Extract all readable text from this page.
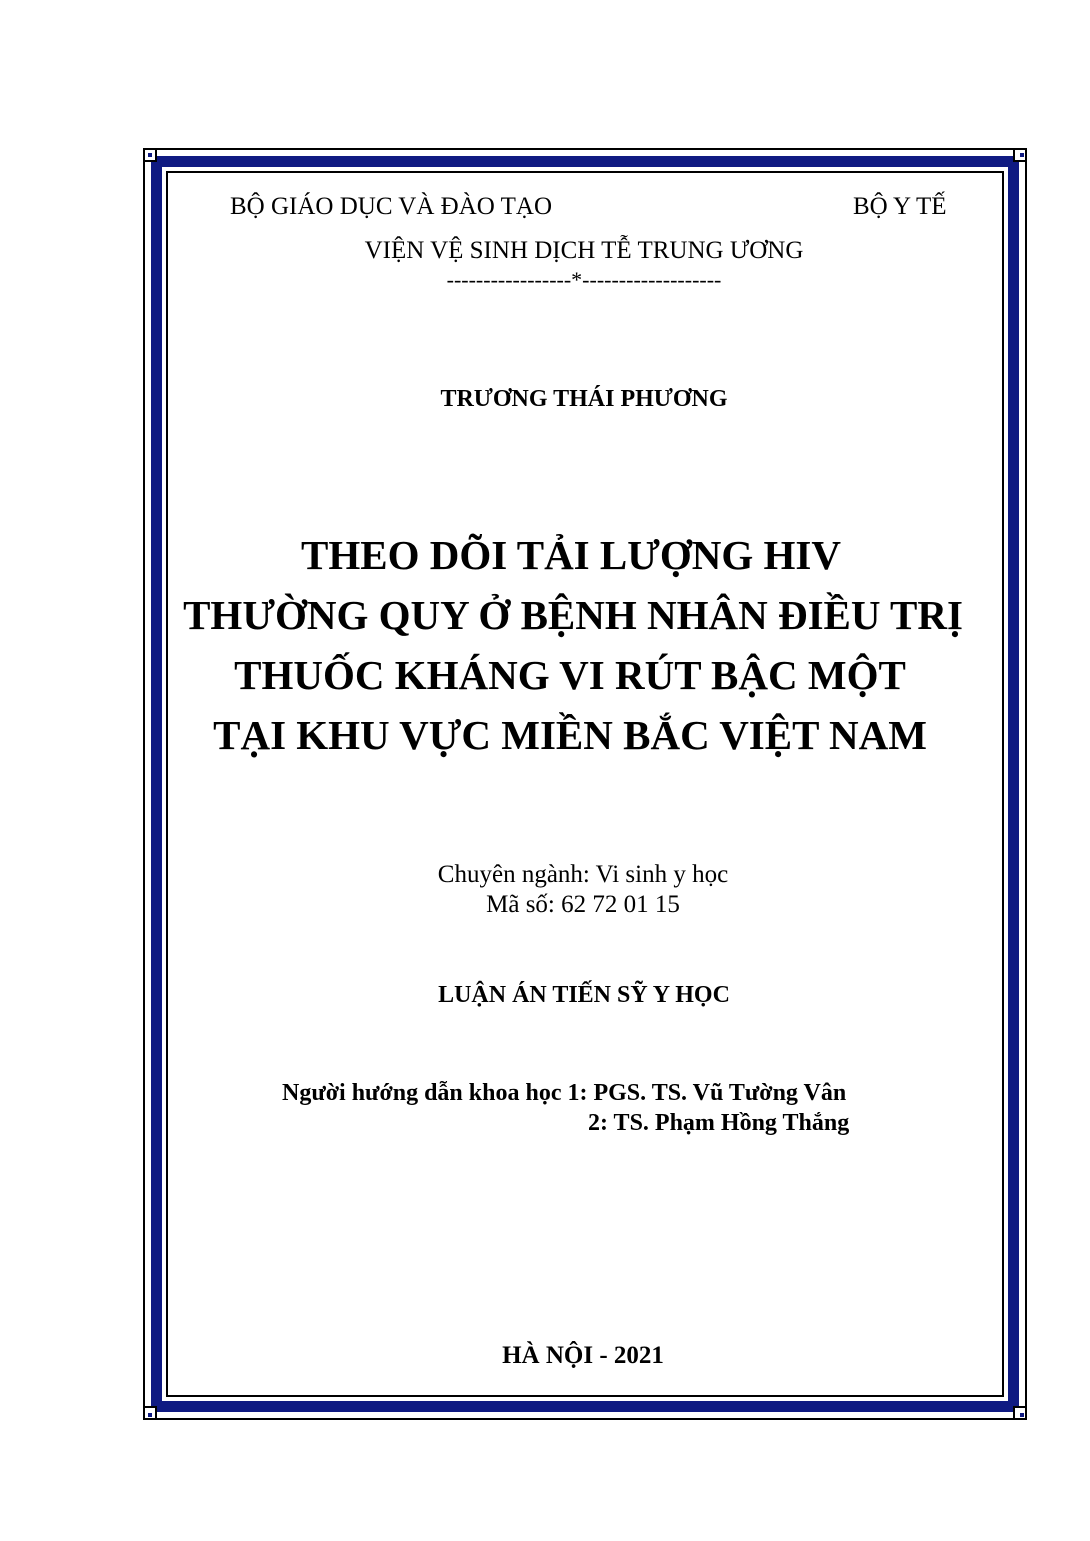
BỘ GIÁO DỤC VÀ ĐÀO TẠO	BỘ Y TẾ
VIỆN VỆ SINH DỊCH TỄ TRUNG ƯƠNG
-----------------*-------------------
TRƯƠNG THÁI PHƯƠNG
THEO DÕI TẢI LƯỢNG HIV
THƯỜNG QUY Ở BỆNH NHÂN ĐIỀU TRỊ
THUỐC KHÁNG VI RÚT BẬC MỘT
TẠI KHU VỰC MIỀN BẮC VIỆT NAM
Chuyên ngành: Vi sinh y học
Mã số: 62 72 01 15
LUẬN ÁN TIẾN SỸ Y HỌC
Người hướng dẫn khoa học 1: PGS. TS. Vũ Tường Vân
2: TS. Phạm Hồng Thắng
HÀ NỘI - 2021
